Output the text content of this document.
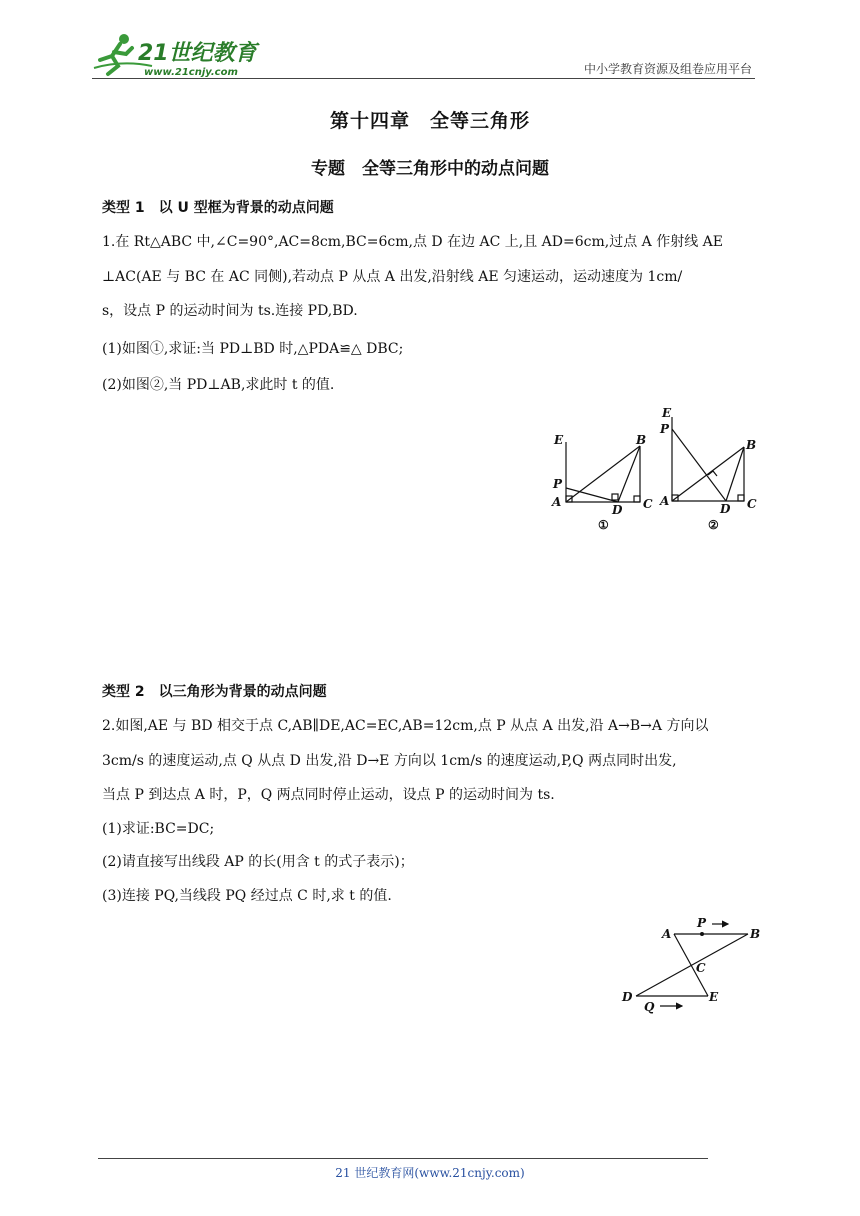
21世纪教育
www.21cnjy.com	中小学教育资源及组卷应用平台
第十四章　全等三角形
专题　全等三角形中的动点问题
类型 1　以 U 型框为背景的动点问题
1.在 Rt△ABC 中,∠C=90°,AC=8cm,BC=6cm,点 D 在边 AC 上,且 AD=6cm,过点 A 作射线 AE
⊥AC(AE 与 BC 在 AC 同侧),若动点 P 从点 A 出发,沿射线 AE 匀速运动，运动速度为 1cm/
s，设点 P 的运动时间为 ts.连接 PD,BD.
(1)如图①,求证:当 PD⊥BD 时,△PDA≌△ DBC;
(2)如图②,当 PD⊥AB,求此时 t 的值.
E	B
P
A
D C
①
E
P
B
A
D C
②
类型 2　以三角形为背景的动点问题
2.如图,AE 与 BD 相交于点 C,AB∥DE,AC=EC,AB=12cm,点 P 从点 A 出发,沿 A→B→A 方向以
3cm/s 的速度运动,点 Q 从点 D 出发,沿 D→E 方向以 1cm/s 的速度运动,P,Q 两点同时出发,
当点 P 到达点 A 时，P，Q 两点同时停止运动，设点 P 的运动时间为 ts.
(1)求证:BC=DC;
(2)请直接写出线段 AP 的长(用含 t 的式子表示)；
(3)连接 PQ,当线段 PQ 经过点 C 时,求 t 的值.
A
P
B
C
D
Q
E
21 世纪教育网(www.21cnjy.com)
